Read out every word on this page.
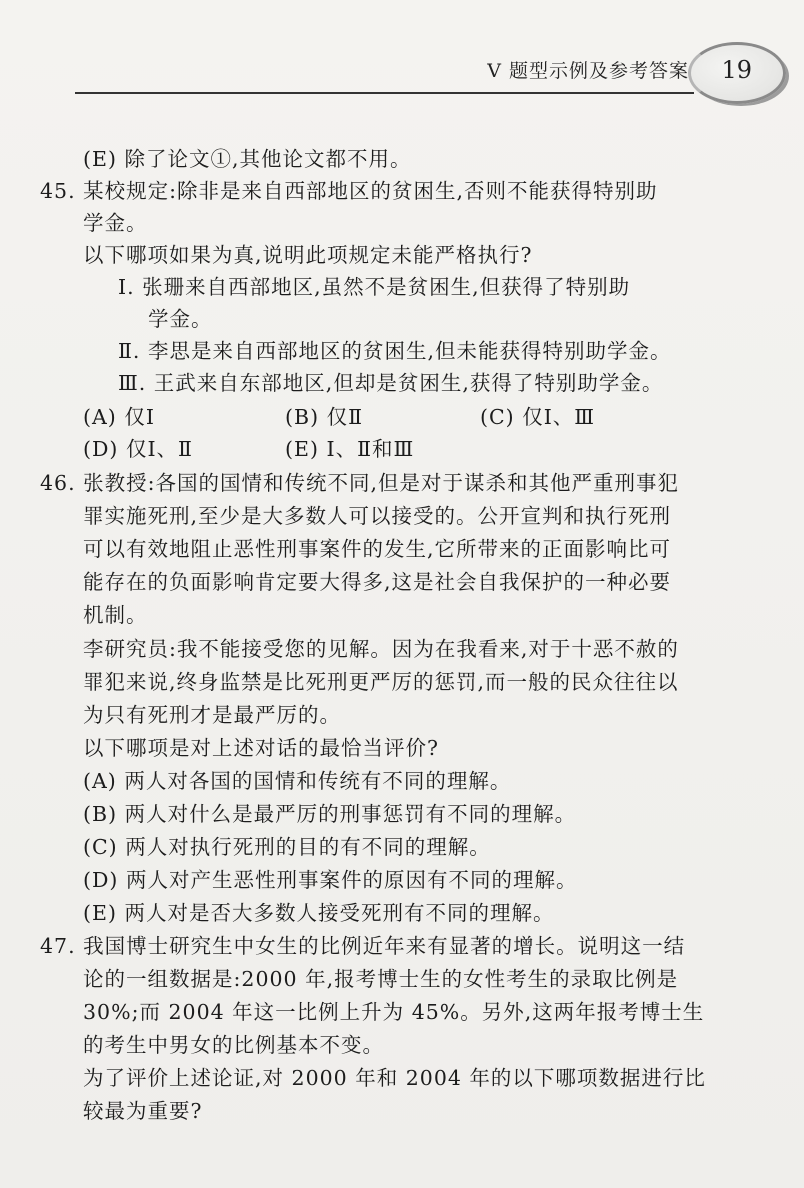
19
Ⅴ 题型示例及参考答案
(E) 除了论文①,其他论文都不用。
45. 某校规定:除非是来自西部地区的贫困生,否则不能获得特别助
学金。
以下哪项如果为真,说明此项规定未能严格执行?
Ⅰ. 张珊来自西部地区,虽然不是贫困生,但获得了特别助
学金。
Ⅱ. 李思是来自西部地区的贫困生,但未能获得特别助学金。
Ⅲ. 王武来自东部地区,但却是贫困生,获得了特别助学金。
(A) 仅Ⅰ	(B) 仅Ⅱ	(C) 仅Ⅰ、Ⅲ
(D) 仅Ⅰ、Ⅱ	(E) Ⅰ、Ⅱ和Ⅲ
46. 张教授:各国的国情和传统不同,但是对于谋杀和其他严重刑事犯
罪实施死刑,至少是大多数人可以接受的。公开宣判和执行死刑
可以有效地阻止恶性刑事案件的发生,它所带来的正面影响比可
能存在的负面影响肯定要大得多,这是社会自我保护的一种必要
机制。
李研究员:我不能接受您的见解。因为在我看来,对于十恶不赦的
罪犯来说,终身监禁是比死刑更严厉的惩罚,而一般的民众往往以
为只有死刑才是最严厉的。
以下哪项是对上述对话的最恰当评价?
(A) 两人对各国的国情和传统有不同的理解。
(B) 两人对什么是最严厉的刑事惩罚有不同的理解。
(C) 两人对执行死刑的目的有不同的理解。
(D) 两人对产生恶性刑事案件的原因有不同的理解。
(E) 两人对是否大多数人接受死刑有不同的理解。
47. 我国博士研究生中女生的比例近年来有显著的增长。说明这一结
论的一组数据是:2000 年,报考博士生的女性考生的录取比例是
30%;而 2004 年这一比例上升为 45%。另外,这两年报考博士生
的考生中男女的比例基本不变。
为了评价上述论证,对 2000 年和 2004 年的以下哪项数据进行比
较最为重要?
